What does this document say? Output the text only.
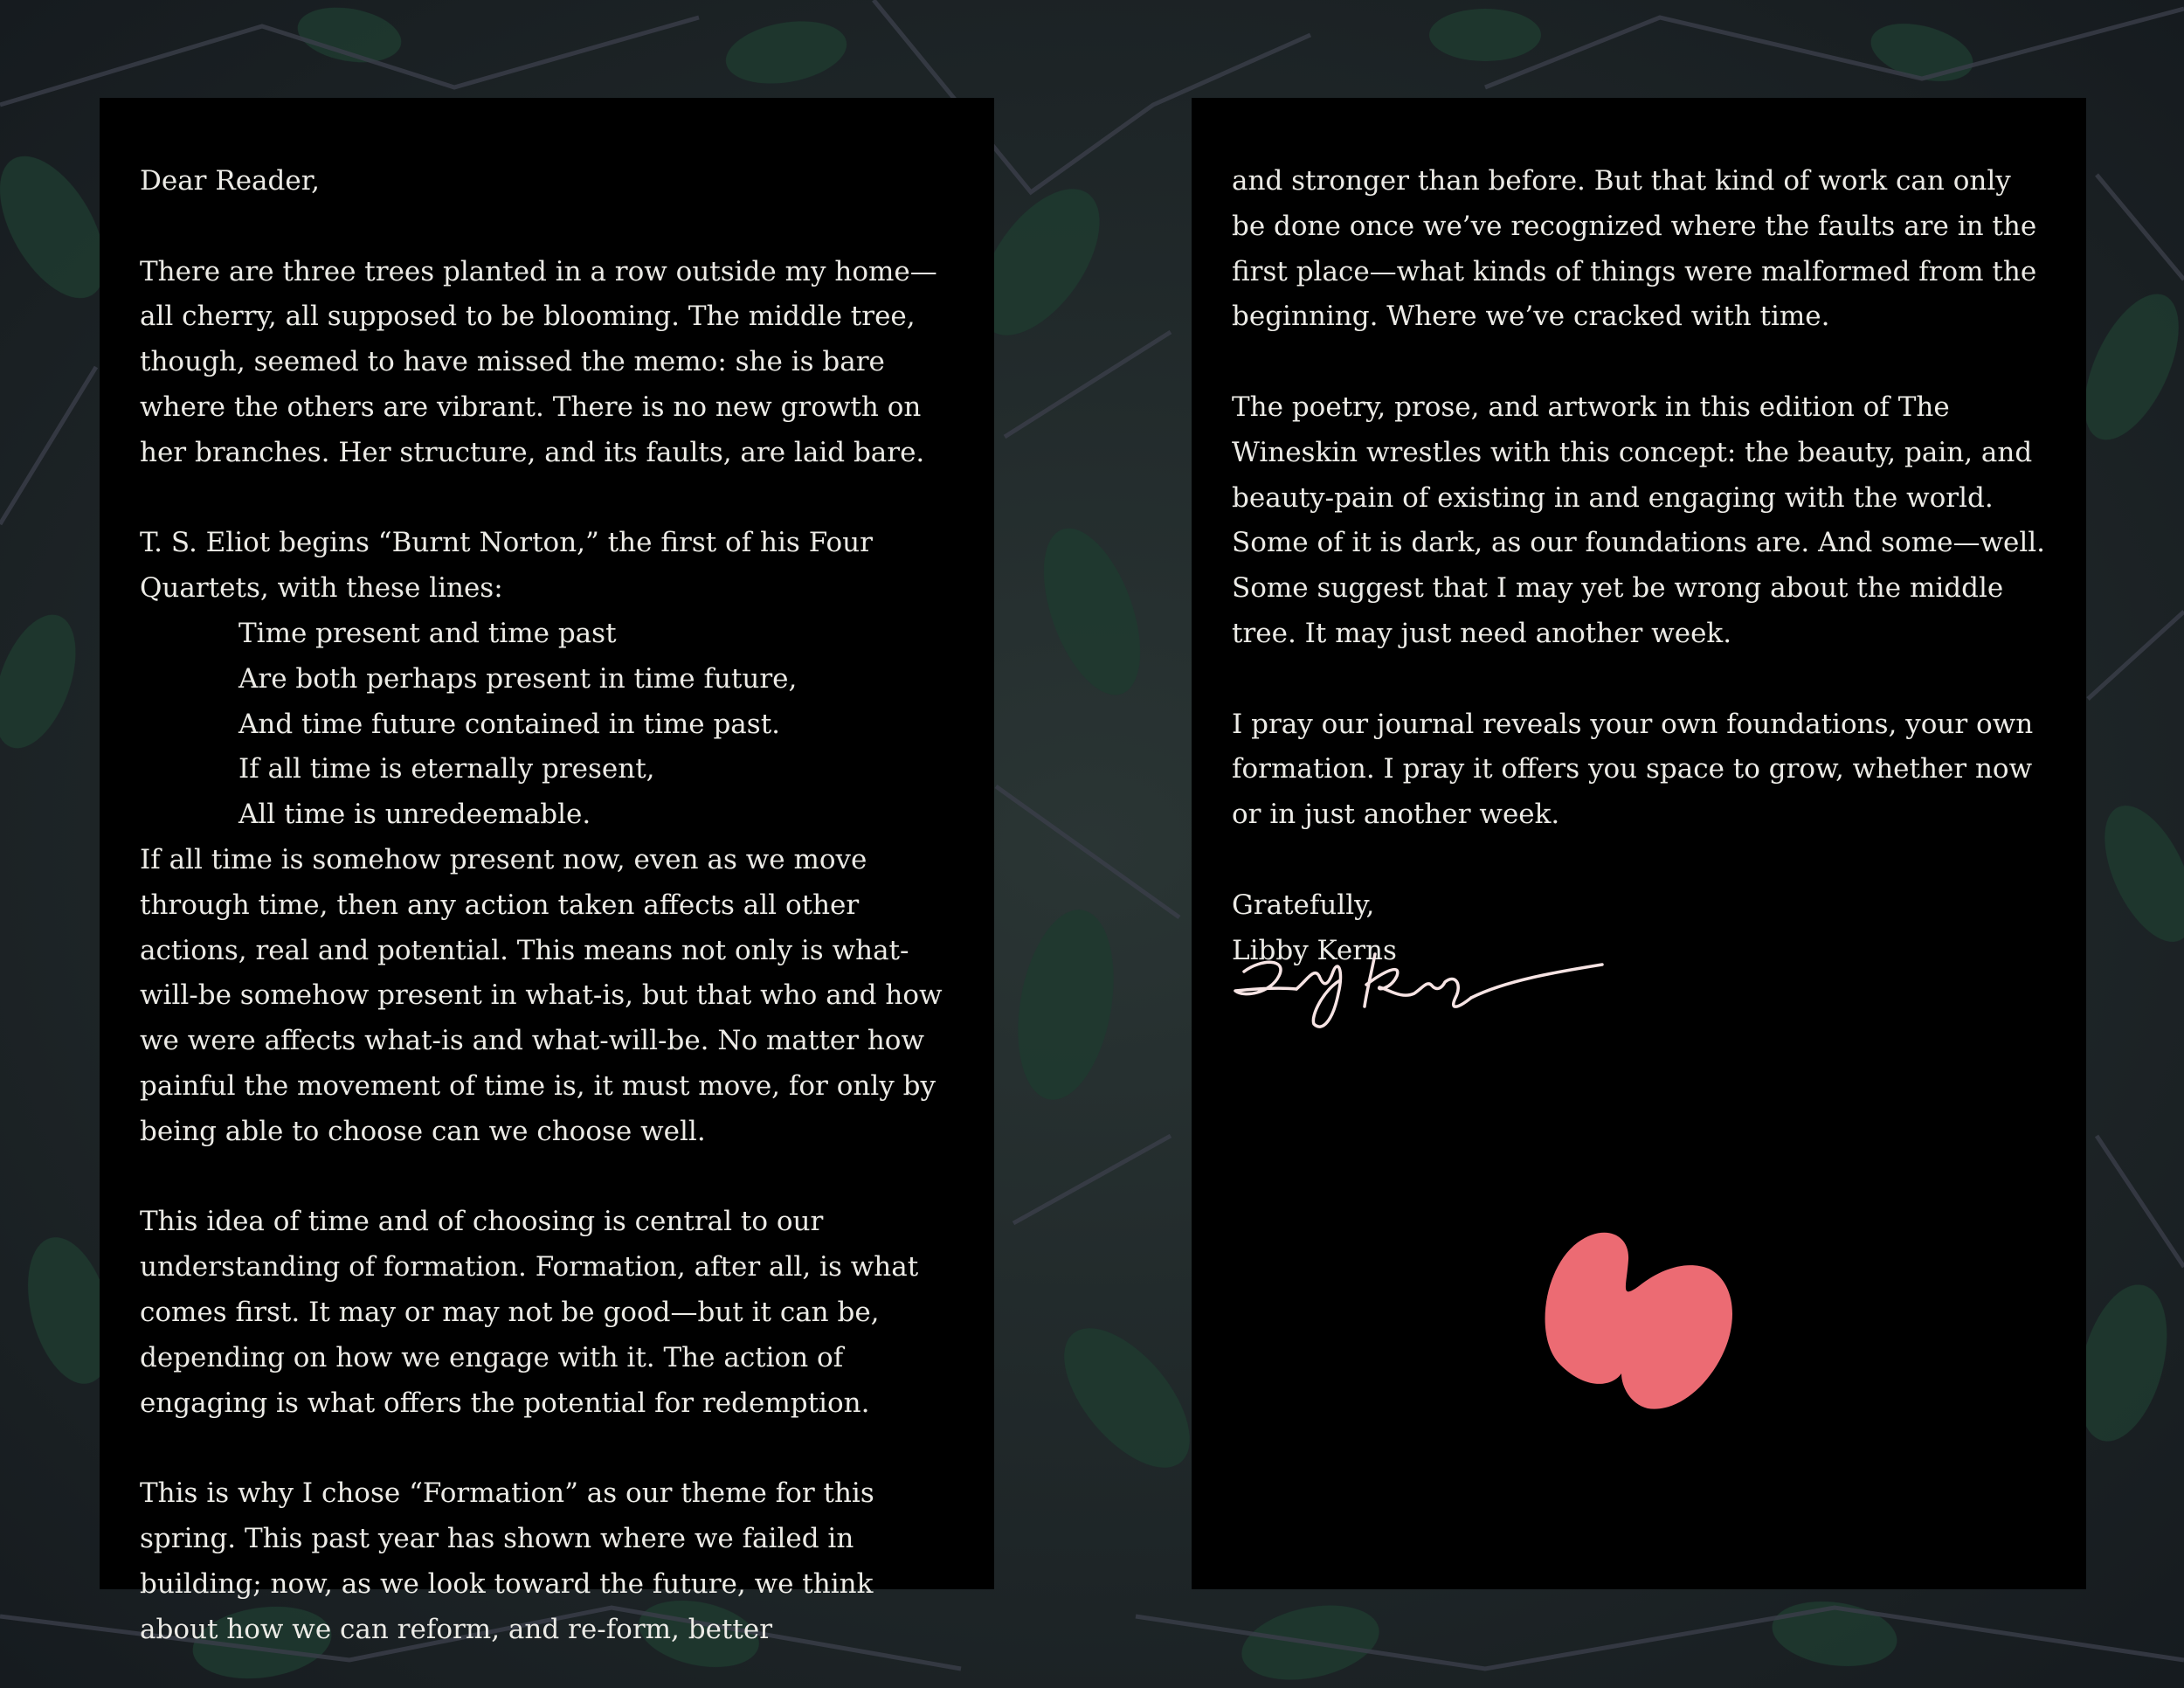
Dear Reader,

There are three trees planted in a row outside my home—all cherry, all supposed to be blooming. The middle tree, though, seemed to have missed the memo: she is bare where the others are vibrant. There is no new growth on her branches. Her structure, and its faults, are laid bare.

T. S. Eliot begins “Burnt Norton,” the first of his Four Quartets, with these lines:

Time present and time past
Are both perhaps present in time future,
And time future contained in time past.
If all time is eternally present,
All time is unredeemable.

If all time is somehow present now, even as we move through time, then any action taken affects all other actions, real and potential. This means not only is what-will-be somehow present in what-is, but that who and how we were affects what-is and what-will-be. No matter how painful the movement of time is, it must move, for only by being able to choose can we choose well.

This idea of time and of choosing is central to our understanding of formation. Formation, after all, is what comes first. It may or may not be good—but it can be, depending on how we engage with it. The action of engaging is what offers the potential for redemption.

This is why I chose “Formation” as our theme for this spring. This past year has shown where we failed in building; now, as we look toward the future, we think about how we can reform, and re-form, better

and stronger than before. But that kind of work can only be done once we’ve recognized where the faults are in the first place—what kinds of things were malformed from the beginning. Where we’ve cracked with time.

The poetry, prose, and artwork in this edition of The Wineskin wrestles with this concept: the beauty, pain, and beauty-pain of existing in and engaging with the world. Some of it is dark, as our foundations are. And some—well. Some suggest that I may yet be wrong about the middle tree. It may just need another week.

I pray our journal reveals your own foundations, your own formation. I pray it offers you space to grow, whether now or in just another week.

Gratefully,
Libby Kerns
